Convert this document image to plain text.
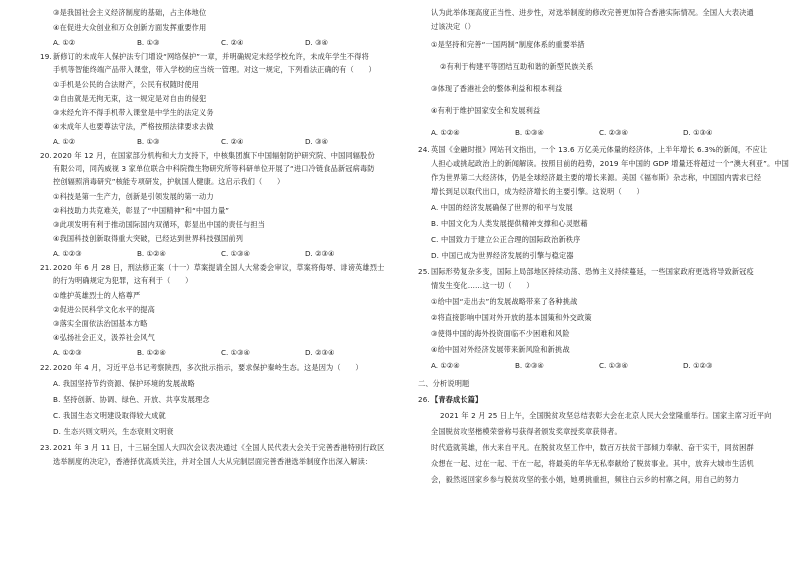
③是我国社会主义经济制度的基础，占主体地位
④在促进大众创业和万众创新方面发挥重要作用
A. ①②	B. ①③	C. ②④	D. ③④
19. 新修订的未成年人保护法专门增设“网络保护”一章，并明确规定未经学校允许，未成年学生不得将
手机等智能终端产品带入课堂，带入学校的应当统一管理。对这一规定，下列看法正确的有（　　）
①手机是公民的合法财产，公民有权随时使用
②自由就是无拘无束，这一规定是对自由的侵犯
③未经允许不得手机带入课堂是中学生的法定义务
④未成年人也要尊法守法，严格按照法律要求去做
A. ①②	B. ①③	C. ②④	D. ③④
20. 2020 年 12 月，在国家部分机构和大力支持下，中核集团旗下中国辐射防护研究院、中国同辐股份
有限公司，同芮威视 3 家单位联合中科院微生物研究所等科研单位开展了“进口冷链食品新冠病毒防
控创辐照消毒研究”核能专项研发，护航国人健康。这启示我们（　　）
①科技是第一生产力，创新是引领发展的第一动力
②科技助力共克难关，彰显了“中国精神”和“中国力量”
③此项发明有利于推动国际国内双循环，彰显出中国的责任与担当
④我国科技创新取得重大突破，已经达到世界科技强国前列
A. ①②③	B. ①②④	C. ①③④	D. ②③④
21. 2020 年 6 月 28 日，刑法修正案（十一）草案提请全国人大常委会审议，草案将侮辱、诽谤英雄烈士
的行为明确规定为犯罪，这有利于（　　）
①维护英雄烈士的人格尊严
②促进公民科学文化水平的提高
③落实全面依法治国基本方略
④弘扬社会正义，汲养社会风气
A. ①②③	B. ①②④	C. ①③④	D. ②③④
22. 2020 年 4 月，习近平总书记考察陕西，多次批示指示，要求保护秦岭生态。这是因为（　　）
A. 我国坚持节约资源、保护环境的发展战略
B. 坚持创新、协调、绿色、开放、共享发展理念
C. 我国生态文明建设取得较大成就
D. 生态兴则文明兴，生态衰则文明衰
23. 2021 年 3 月 11 日，十三届全国人大四次会议表决通过《全国人民代表大会关于完善香港特别行政区
选举制度的决定》，香港择优高质关注，并对全国人大从完制层面完善香港选举制度作出深入解读：
认为此举体现高度正当性、进步性，对选举制度的修改完善更加符合香港实际情况。全国人大表决通
过该决定（）
①是坚持和完善“一国两制”制度体系的重要举措
②有利于构建平等团结互助和谐的新型民族关系
③体现了香港社会的整体利益和根本利益
④有利于维护国家安全和发展利益
A. ①②④	B. ①③④	C. ②③④	D. ①③④
24. 英国《金融时报》网站刊文指出，一个 13.6 万亿美元体量的经济体，上半年增长 6.3%的新闻，不应让
人担心或挑起政治上的新闻解读。按照目前的趋势，2019 年中国的 GDP 增量还将超过一个“澳大利亚”。中国
作为世界第二大经济体，仍是全球经济最主要的增长来源。美国《福布斯》杂志称，中国国内需求已经
增长到足以取代出口，成为经济增长的主要引擎。这说明（　　）
A. 中国的经济发展确保了世界的和平与发展
B. 中国文化为人类发展提供精神支撑和心灵慰藉
C. 中国致力于建立公正合理的国际政治新秩序
D. 中国已成为世界经济发展的引擎与稳定器
25. 国际形势复杂多变，国际上局部地区持续动荡、恐怖主义持续蔓延，一些国家政府更选将导致新冠疫
情发生变化……这一切（　　）
①给中国“走出去”的发展战略带来了各种挑战
②将直接影响中国对外开放的基本国策和外交政策
③使得中国的海外投资面临不少困难和风险
④给中国对外经济发展带来新风险和新挑战
A. ①②④	B. ②③④	C. ①③④	D. ①②③
二、分析说明题
26. 【青春成长篇】
2021 年 2 月 25 日上午，全国脱贫攻坚总结表彰大会在北京人民大会堂隆重举行。国家主席习近平向
全国脱贫攻坚楷模荣誉称号获得者颁发奖章授奖章获得者。
时代造就英雄，伟大来自平凡。在脱贫攻坚工作中，数百万扶贫干部倾力奉献、奋干实干，同贫困群
众想在一起、过在一起、干在一起，将最美的年华无私奉献给了脱贫事业。其中，放弃大城市生活机
会，毅然返回家乡参与脱贫攻坚的张小娟，她勇挑重担，频往白云乡的村寨之间，用自己的努力
